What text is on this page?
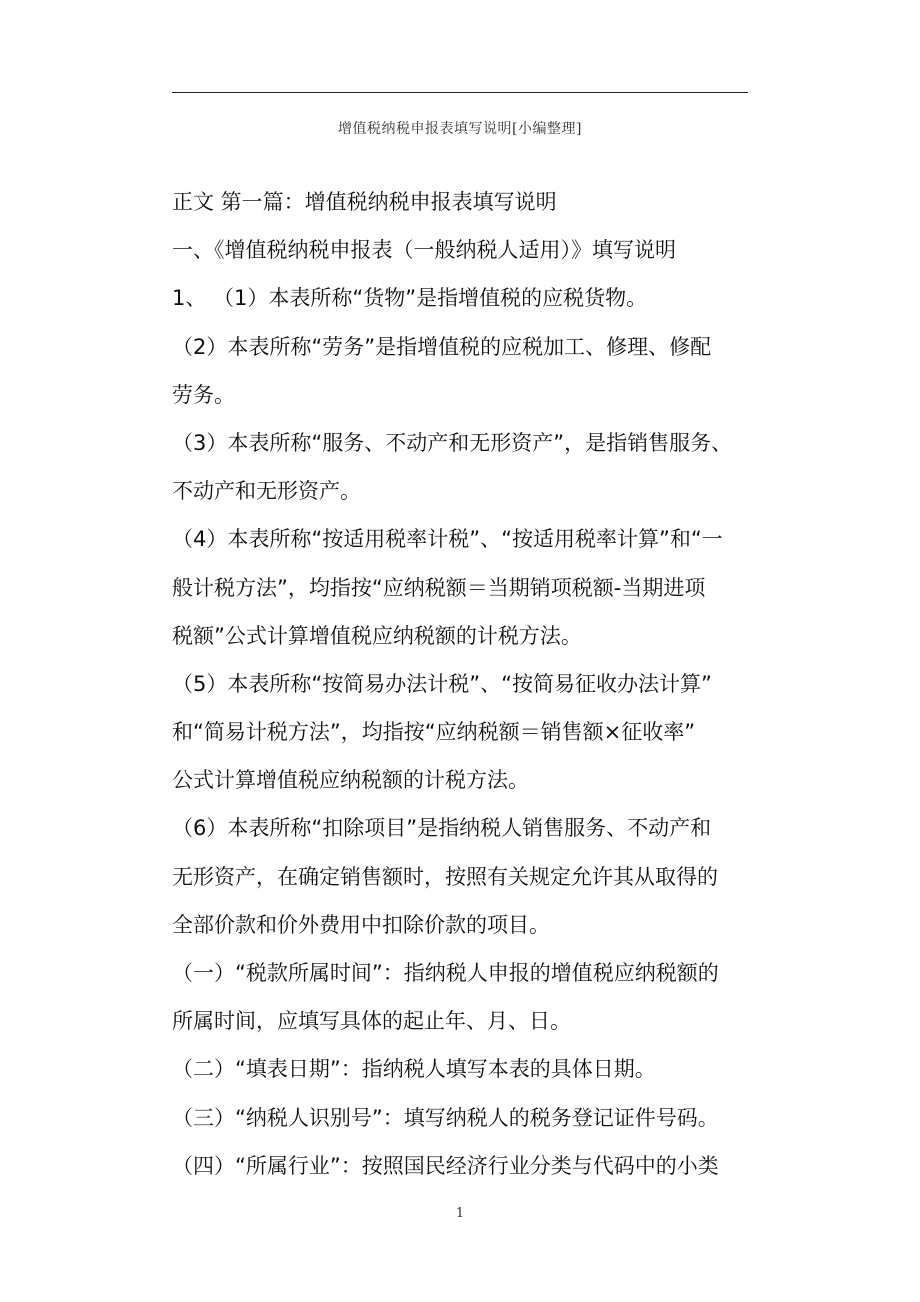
增值税纳税申报表填写说明[小编整理]
正文 第一篇：增值税纳税申报表填写说明
一、《增值税纳税申报表（一般纳税人适用）》填写说明
1、 （1）本表所称“货物”是指增值税的应税货物。
（2）本表所称“劳务”是指增值税的应税加工、修理、修配
劳务。
（3）本表所称“服务、不动产和无形资产”，是指销售服务、
不动产和无形资产。
（4）本表所称“按适用税率计税”、“按适用税率计算”和“一
般计税方法”，均指按“应纳税额＝当期销项税额-当期进项
税额”公式计算增值税应纳税额的计税方法。
（5）本表所称“按简易办法计税”、“按简易征收办法计算”
和“简易计税方法”，均指按“应纳税额＝销售额×征收率”
公式计算增值税应纳税额的计税方法。
（6）本表所称“扣除项目”是指纳税人销售服务、不动产和
无形资产，在确定销售额时，按照有关规定允许其从取得的
全部价款和价外费用中扣除价款的项目。
（一）“税款所属时间”：指纳税人申报的增值税应纳税额的
所属时间，应填写具体的起止年、月、日。
（二）“填表日期”：指纳税人填写本表的具体日期。
（三）“纳税人识别号”：填写纳税人的税务登记证件号码。
（四）“所属行业”：按照国民经济行业分类与代码中的小类
1
